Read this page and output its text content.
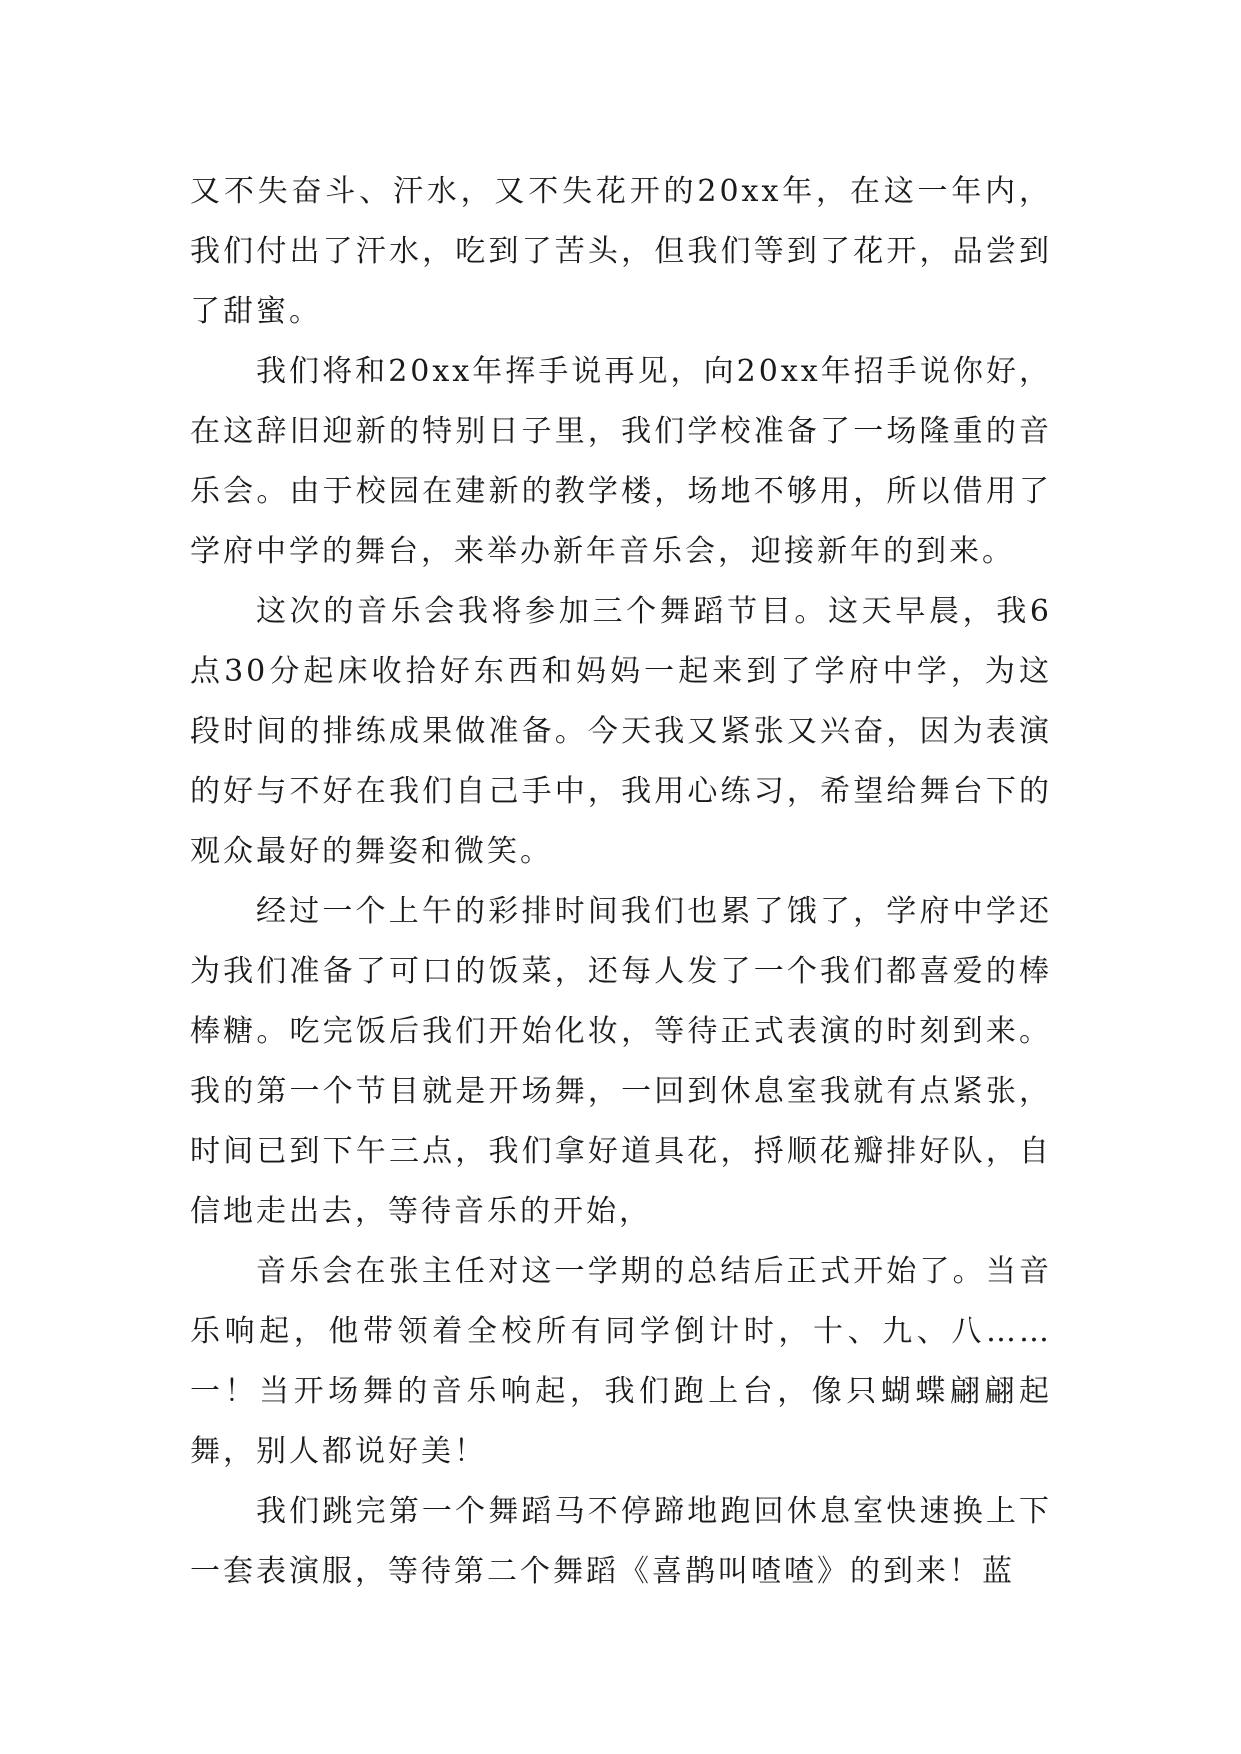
又不失奋斗、汗水，又不失花开的20xx年，在这一年内，我们付出了汗水，吃到了苦头，但我们等到了花开，品尝到了甜蜜。

我们将和20xx年挥手说再见，向20xx年招手说你好，在这辞旧迎新的特别日子里，我们学校准备了一场隆重的音乐会。由于校园在建新的教学楼，场地不够用，所以借用了学府中学的舞台，来举办新年音乐会，迎接新年的到来。

这次的音乐会我将参加三个舞蹈节目。这天早晨，我6点30分起床收拾好东西和妈妈一起来到了学府中学，为这段时间的排练成果做准备。今天我又紧张又兴奋，因为表演的好与不好在我们自己手中，我用心练习，希望给舞台下的观众最好的舞姿和微笑。

经过一个上午的彩排时间我们也累了饿了，学府中学还为我们准备了可口的饭菜，还每人发了一个我们都喜爱的棒棒糖。吃完饭后我们开始化妆，等待正式表演的时刻到来。我的第一个节目就是开场舞，一回到休息室我就有点紧张，时间已到下午三点，我们拿好道具花，捋顺花瓣排好队，自信地走出去，等待音乐的开始，

音乐会在张主任对这一学期的总结后正式开始了。当音乐响起，他带领着全校所有同学倒计时，十、九、八……一！当开场舞的音乐响起，我们跑上台，像只蝴蝶翩翩起舞，别人都说好美！

我们跳完第一个舞蹈马不停蹄地跑回休息室快速换上下一套表演服，等待第二个舞蹈《喜鹊叫喳喳》的到来！蓝
